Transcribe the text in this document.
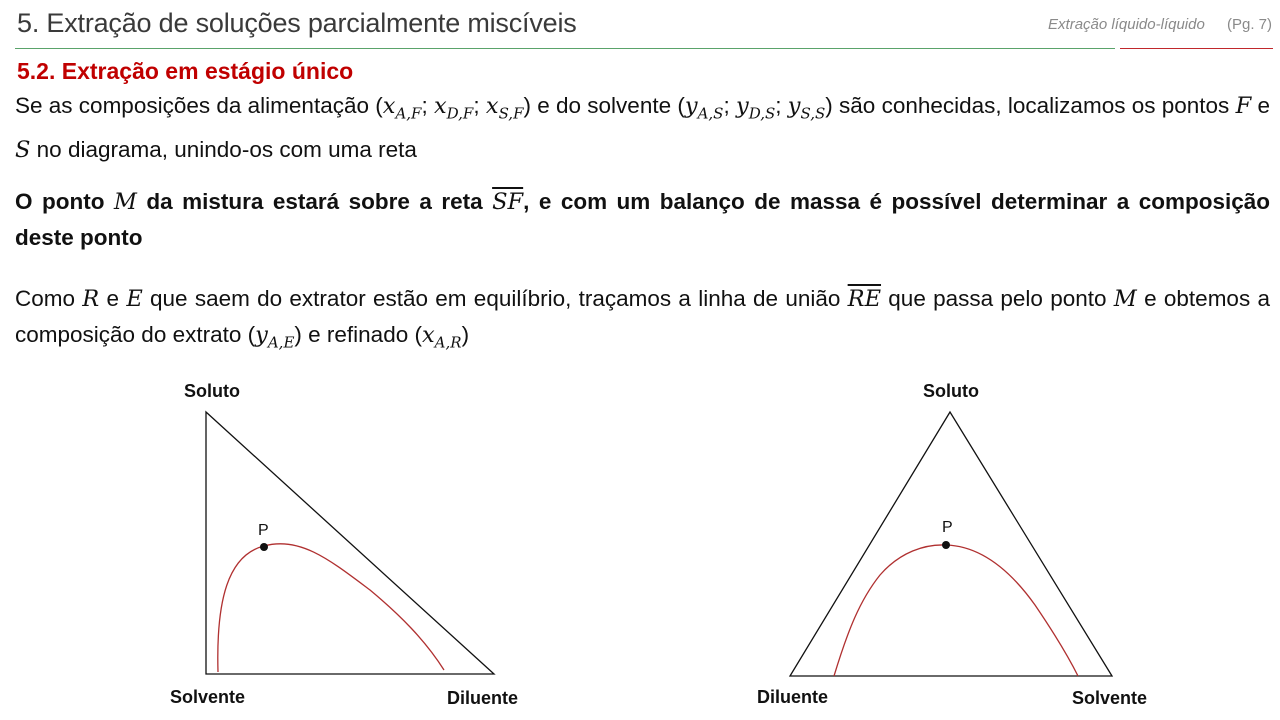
5. Extração de soluções parcialmente miscíveis	Extração líquido-líquido (Pg. 7)
5.2. Extração em estágio único
Se as composições da alimentação ($x_{A,F}$; $x_{D,F}$; $x_{S,F}$) e do solvente ($y_{A,S}$; $y_{D,S}$; $y_{S,S}$) são conhecidas, localizamos os pontos F e S no diagrama, unindo-os com uma reta
O ponto M da mistura estará sobre a reta $\overline{SF}$, e com um balanço de massa é possível determinar a composição deste ponto
Como R e E que saem do extrator estão em equilíbrio, traçamos a linha de união $\overline{RE}$ que passa pelo ponto M e obtemos a composição do extrato $(y_{A,E})$ e refinado $(x_{A,R})$
Soluto
Solvente	Diluente
P
Soluto
Diluente	Solvente
P
